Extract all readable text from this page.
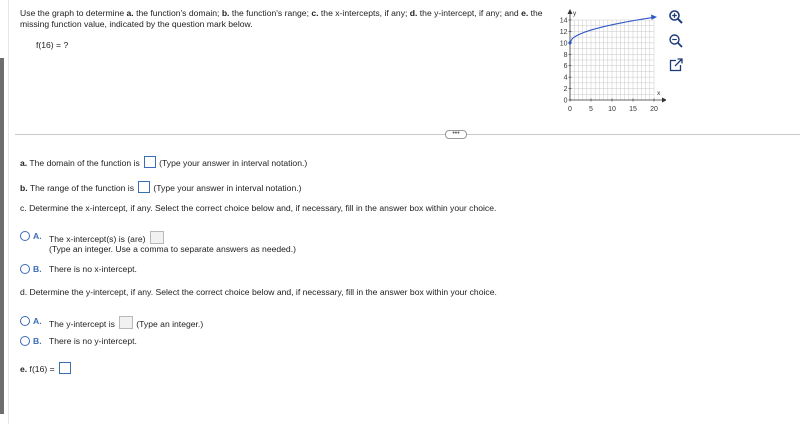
Use the graph to determine a. the function's domain; b. the function's range; c. the x-intercepts, if any; d. the y-intercept, if any; and e. the missing function value, indicated by the question mark below.
f(16) = ?
x
y
0 5 10 15 20
0
2
4
6
8
10
12
14
•••
a. The domain of the function is (Type your answer in interval notation.)
b. The range of the function is (Type your answer in interval notation.)
c. Determine the x-intercept, if any. Select the correct choice below and, if necessary, fill in the answer box within your choice.
A. The x-intercept(s) is (are)
(Type an integer. Use a comma to separate answers as needed.)
B. There is no x-intercept.
d. Determine the y-intercept, if any. Select the correct choice below and, if necessary, fill in the answer box within your choice.
A. The y-intercept is (Type an integer.)
B. There is no y-intercept.
e. f(16) =
